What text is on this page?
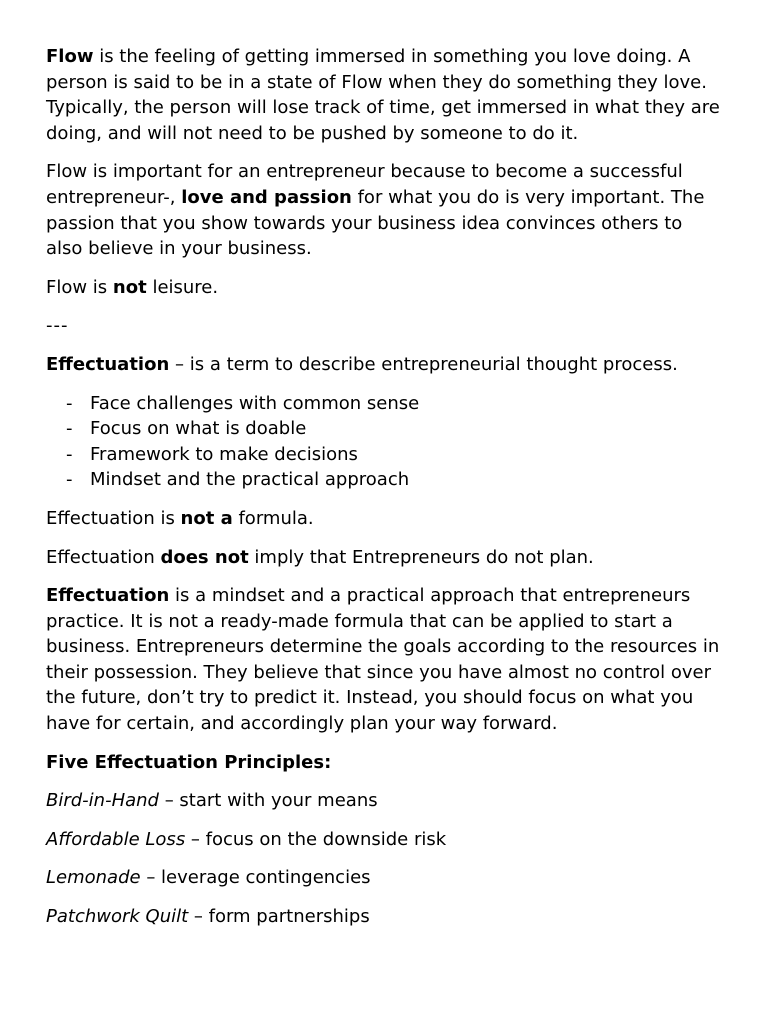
Flow is the feeling of getting immersed in something you love doing. A person is said to be in a state of Flow when they do something they love. Typically, the person will lose track of time, get immersed in what they are doing, and will not need to be pushed by someone to do it.

Flow is important for an entrepreneur because to become a successful entrepreneur-, love and passion for what you do is very important. The passion that you show towards your business idea convinces others to also believe in your business.

Flow is not leisure.

---

Effectuation – is a term to describe entrepreneurial thought process.

- Face challenges with common sense
- Focus on what is doable
- Framework to make decisions
- Mindset and the practical approach

Effectuation is not a formula.

Effectuation does not imply that Entrepreneurs do not plan.

Effectuation is a mindset and a practical approach that entrepreneurs practice. It is not a ready-made formula that can be applied to start a business. Entrepreneurs determine the goals according to the resources in their possession. They believe that since you have almost no control over the future, don’t try to predict it. Instead, you should focus on what you have for certain, and accordingly plan your way forward.

Five Effectuation Principles:

Bird-in-Hand – start with your means

Affordable Loss – focus on the downside risk

Lemonade – leverage contingencies

Patchwork Quilt – form partnerships
